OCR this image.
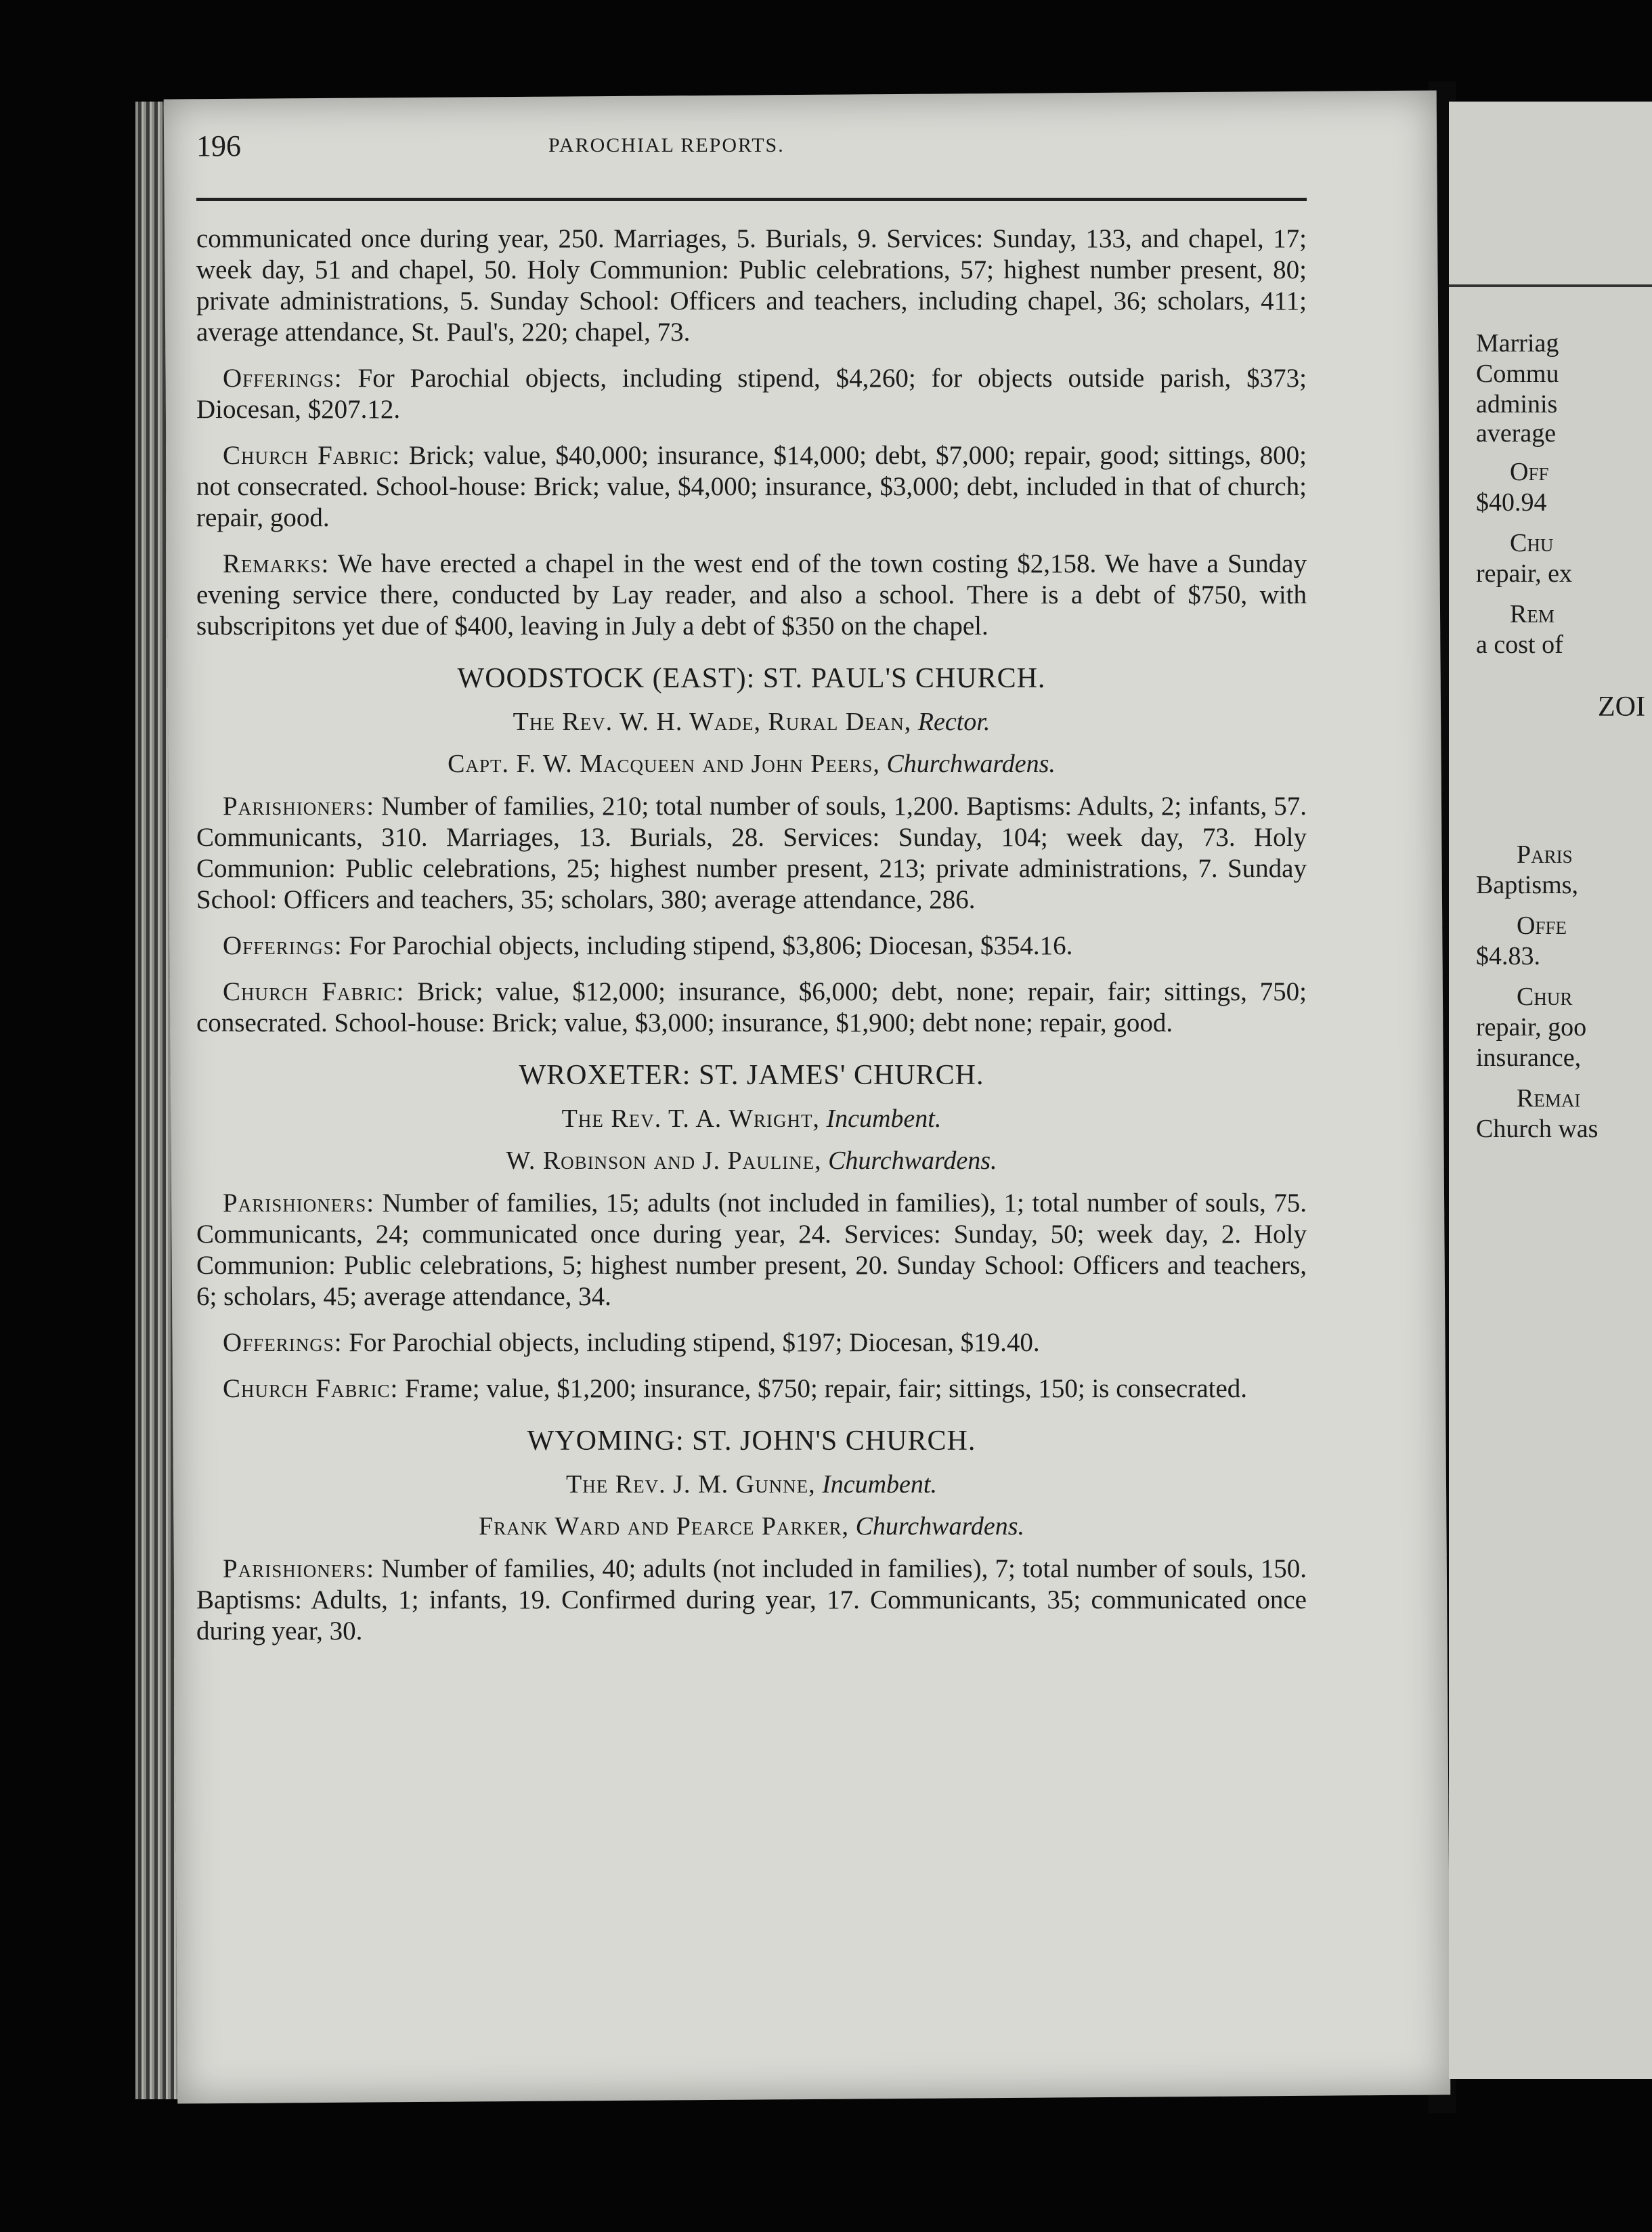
196	PAROCHIAL REPORTS.

communicated once during year, 250. Marriages, 5. Burials, 9. Services: Sunday, 133, and chapel, 17; week day, 51 and chapel, 50. Holy Communion: Public celebrations, 57; highest number present, 80; private administrations, 5. Sunday School: Officers and teachers, including chapel, 36; scholars, 411; average attendance, St. Paul's, 220; chapel, 73.

 Offerings: For Parochial objects, including stipend, $4,260; for objects outside parish, $373; Diocesan, $207.12.

 Church Fabric: Brick; value, $40,000; insurance, $14,000; debt, $7,000; repair, good; sittings, 800; not consecrated. School-house: Brick; value, $4,000; insurance, $3,000; debt, included in that of church; repair, good.

 Remarks: We have erected a chapel in the west end of the town costing $2,158. We have a Sunday evening service there, conducted by Lay reader, and also a school. There is a debt of $750, with subscripitons yet due of $400, leaving in July a debt of $350 on the chapel.

WOODSTOCK (EAST): ST. PAUL'S CHURCH.
The Rev. W. H. Wade, Rural Dean, Rector.
Capt. F. W. Macqueen and John Peers, Churchwardens.

 Parishioners: Number of families, 210; total number of souls, 1,200. Baptisms: Adults, 2; infants, 57. Communicants, 310. Marriages, 13. Burials, 28. Services: Sunday, 104; week day, 73. Holy Communion: Public celebrations, 25; highest number present, 213; private administrations, 7. Sunday School: Officers and teachers, 35; scholars, 380; average attendance, 286.

 Offerings: For Parochial objects, including stipend, $3,806; Diocesan, $354.16.

 Church Fabric: Brick; value, $12,000; insurance, $6,000; debt, none; repair, fair; sittings, 750; consecrated. School-house: Brick; value, $3,000; insurance, $1,900; debt none; repair, good.

WROXETER: ST. JAMES' CHURCH.
The Rev. T. A. Wright, Incumbent.
W. Robinson and J. Pauline, Churchwardens.

 Parishioners: Number of families, 15; adults (not included in families), 1; total number of souls, 75. Communicants, 24; communicated once during year, 24. Services: Sunday, 50; week day, 2. Holy Communion: Public celebrations, 5; highest number present, 20. Sunday School: Officers and teachers, 6; scholars, 45; average attendance, 34.

 Offerings: For Parochial objects, including stipend, $197; Diocesan, $19.40.

 Church Fabric: Frame; value, $1,200; insurance, $750; repair, fair; sittings, 150; is consecrated.

WYOMING: ST. JOHN'S CHURCH.
The Rev. J. M. Gunne, Incumbent.
Frank Ward and Pearce Parker, Churchwardens.

 Parishioners: Number of families, 40; adults (not included in families), 7; total number of souls, 150. Baptisms: Adults, 1; infants, 19. Confirmed during year, 17. Communicants, 35; communicated once during year, 30.

Marriag
Commu
adminis
average
Off
$40.94
Chu
repair, ex
Rem
a cost of
ZOI
Paris
Baptisms,
Offe
$4.83.
Chur
repair, goo
insurance,
Remai
Church was
